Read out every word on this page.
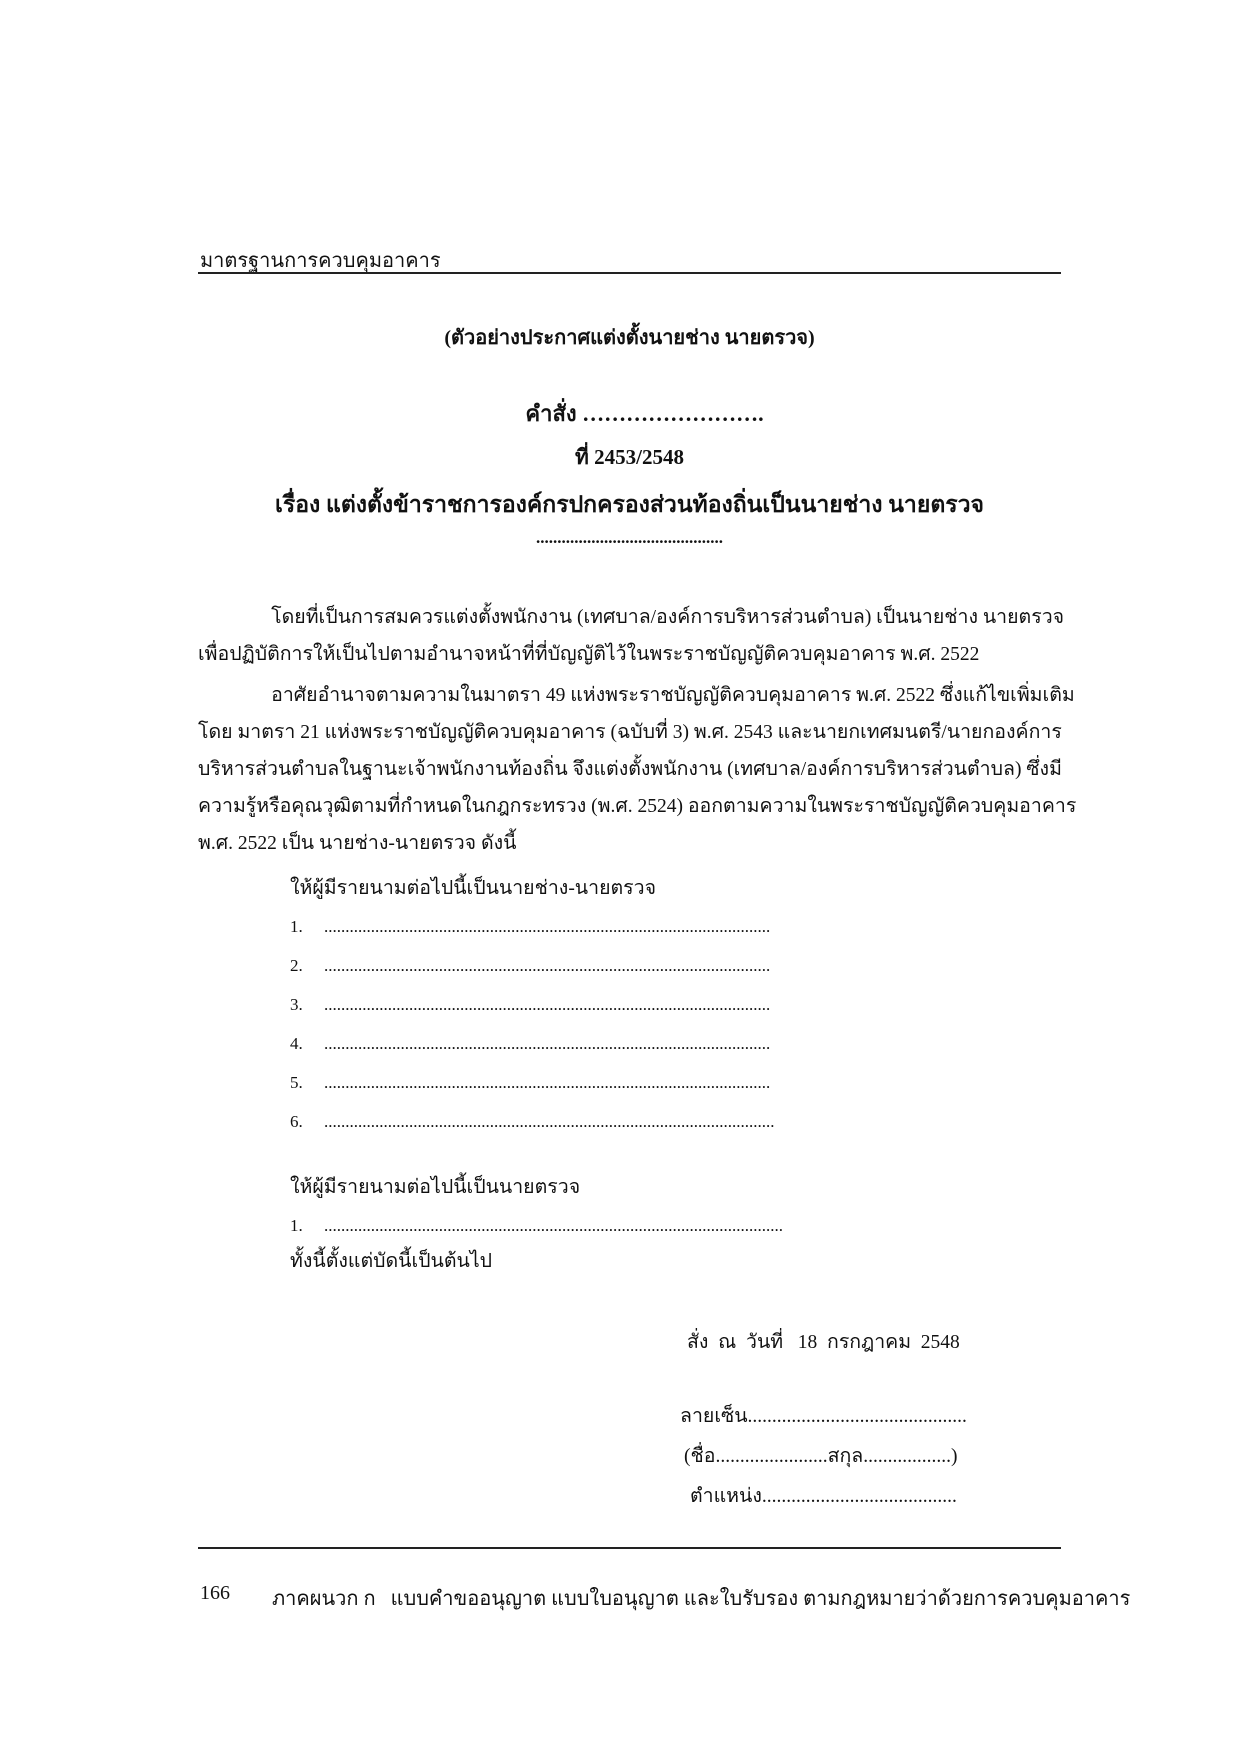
มาตรฐานการควบคุมอาคาร
(ตัวอย่างประกาศแต่งตั้งนายช่าง นายตรวจ)
คำสั่ง …………………….
ที่ 2453/2548
เรื่อง แต่งตั้งข้าราชการองค์กรปกครองส่วนท้องถิ่นเป็นนายช่าง นายตรวจ
............................................
โดยที่เป็นการสมควรแต่งตั้งพนักงาน (เทศบาล/องค์การบริหารส่วนตำบล) เป็นนายช่าง นายตรวจ
เพื่อปฏิบัติการให้เป็นไปตามอำนาจหน้าที่ที่บัญญัติไว้ในพระราชบัญญัติควบคุมอาคาร พ.ศ. 2522
อาศัยอำนาจตามความในมาตรา 49 แห่งพระราชบัญญัติควบคุมอาคาร พ.ศ. 2522 ซึ่งแก้ไขเพิ่มเติม
โดย มาตรา 21 แห่งพระราชบัญญัติควบคุมอาคาร (ฉบับที่ 3) พ.ศ. 2543 และนายกเทศมนตรี/นายกองค์การ
บริหารส่วนตำบลในฐานะเจ้าพนักงานท้องถิ่น จึงแต่งตั้งพนักงาน (เทศบาล/องค์การบริหารส่วนตำบล) ซึ่งมี
ความรู้หรือคุณวุฒิตามที่กำหนดในกฎกระทรวง (พ.ศ. 2524) ออกตามความในพระราชบัญญัติควบคุมอาคาร
พ.ศ. 2522 เป็น นายช่าง-นายตรวจ ดังนี้
ให้ผู้มีรายนามต่อไปนี้เป็นนายช่าง-นายตรวจ
1. .........................................................................................................
2. .........................................................................................................
3. .........................................................................................................
4. .........................................................................................................
5. .........................................................................................................
6. ..........................................................................................................
ให้ผู้มีรายนามต่อไปนี้เป็นนายตรวจ
1. ............................................................................................................
ทั้งนี้ตั้งแต่บัดนี้เป็นต้นไป
สั่ง  ณ  วันที่   18  กรกฎาคม  2548
ลายเซ็น.............................................
(ชื่อ.......................สกุล..................)
ตำแหน่ง........................................
166 ภาคผนวก ก   แบบคำขออนุญาต แบบใบอนุญาต และใบรับรอง ตามกฎหมายว่าด้วยการควบคุมอาคาร
